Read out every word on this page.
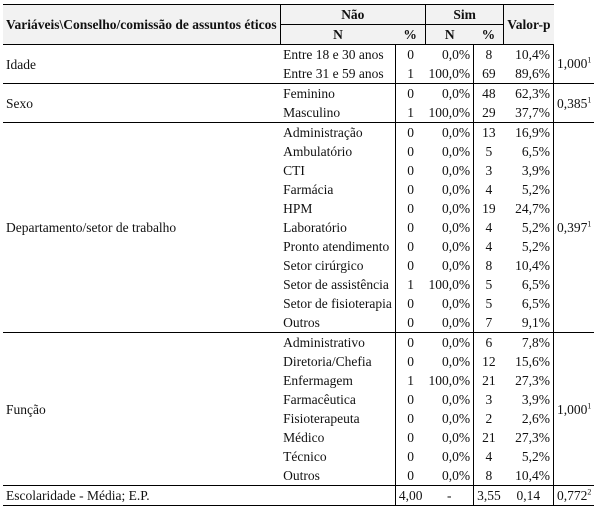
Variáveis\Conselho/comissão de assuntos éticos	Não		Sim		Valor-p	
	N	%	N	%		
Idade	Entre 18 e 30 anos	0	0,0%	8	10,4%	1,000$^1$
	Entre 31 e 59 anos	1	100,0%	69	89,6%	
Sexo	Feminino	0	0,0%	48	62,3%	0,385$^1$
	Masculino	1	100,0%	29	37,7%	
Departamento/setor de trabalho	Administração	0	0,0%	13	16,9%	0,397$^1$
	Ambulatório	0	0,0%	5	6,5%	
	CTI	0	0,0%	3	3,9%	
	Farmácia	0	0,0%	4	5,2%	
	HPM	0	0,0%	19	24,7%	
	Laboratório	0	0,0%	4	5,2%	
	Pronto atendimento	0	0,0%	4	5,2%	
	Setor cirúrgico	0	0,0%	8	10,4%	
	Setor de assistência	1	100,0%	5	6,5%	
	Setor de fisioterapia	0	0,0%	5	6,5%	
	Outros	0	0,0%	7	9,1%	
Função	Administrativo	0	0,0%	6	7,8%	1,000$^1$
	Diretoria/Chefia	0	0,0%	12	15,6%	
	Enfermagem	1	100,0%	21	27,3%	
	Farmacêutica	0	0,0%	3	3,9%	
	Fisioterapeuta	0	0,0%	2	2,6%	
	Médico	0	0,0%	21	27,3%	
	Técnico	0	0,0%	4	5,2%	
	Outros	0	0,0%	8	10,4%	
Escolaridade - Média; E.P.		4,00	-	3,55	0,14	0,772$^2$
